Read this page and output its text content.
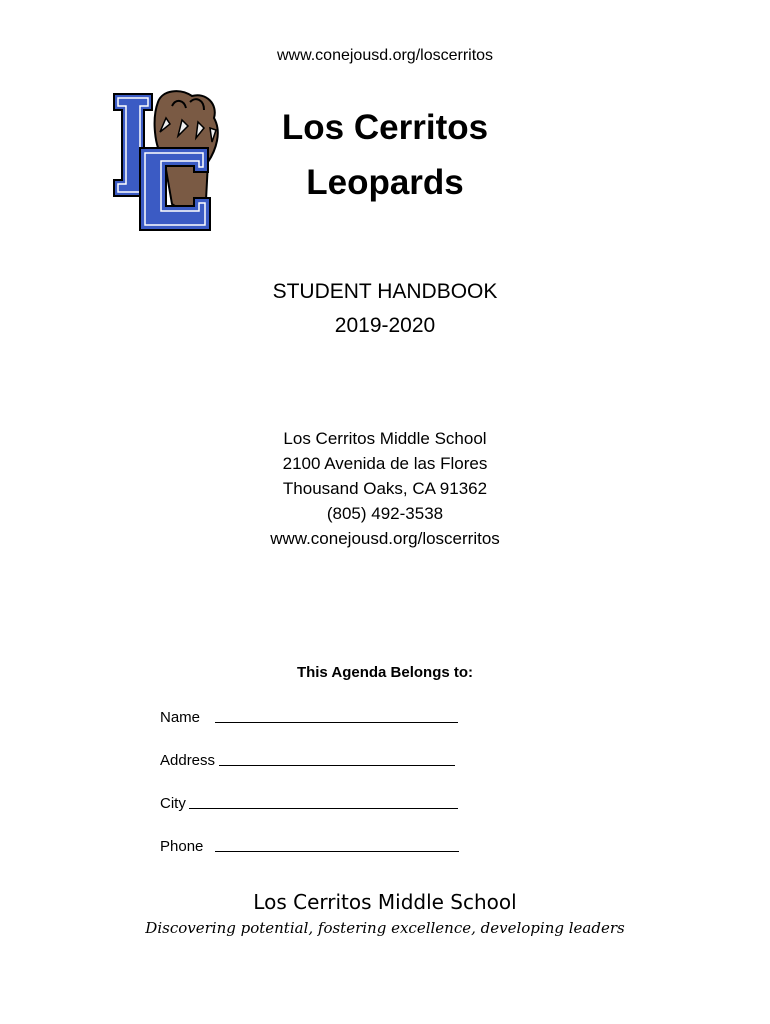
www.conejousd.org/loscerritos
Los Cerritos
Leopards
STUDENT HANDBOOK
2019-2020
Los Cerritos Middle School
2100 Avenida de las Flores
Thousand Oaks, CA 91362
(805) 492-3538
www.conejousd.org/loscerritos
This Agenda Belongs to:
Name
Address
City
Phone
Los Cerritos Middle School
Discovering potential, fostering excellence, developing leaders
